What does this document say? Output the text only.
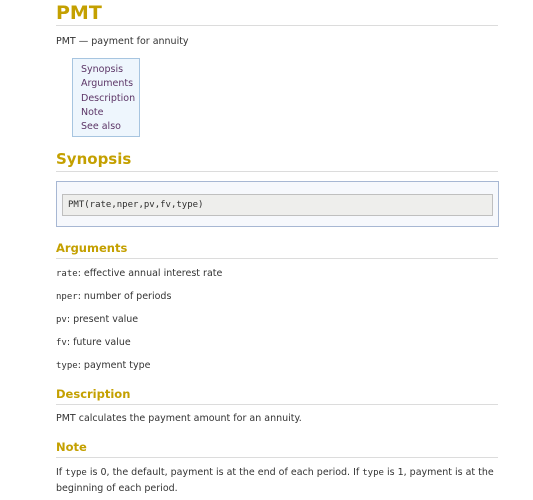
PMT
PMT — payment for annuity
Synopsis
Arguments
Description
Note
See also
Synopsis
PMT(rate,nper,pv,fv,type)
Arguments
rate: effective annual interest rate
nper: number of periods
pv: present value
fv: future value
type: payment type
Description
PMT calculates the payment amount for an annuity.
Note
If type is 0, the default, payment is at the end of each period. If type is 1, payment is at the beginning of each period.
